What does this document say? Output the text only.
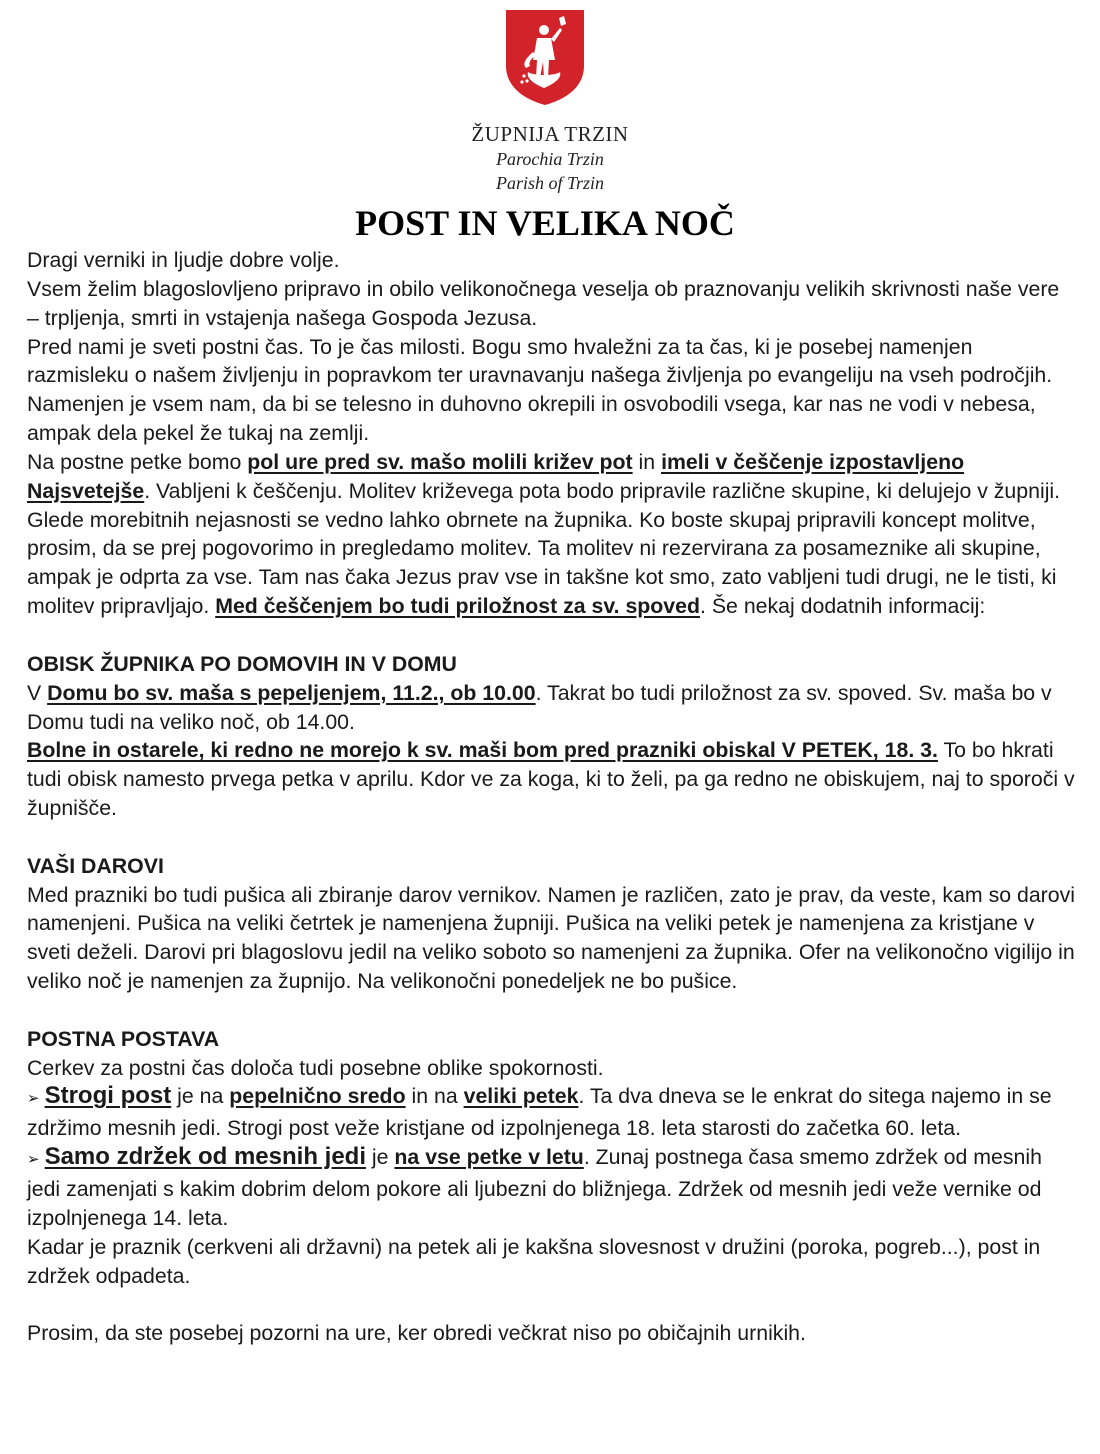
ŽUPNIJA TRZIN
Parochia Trzin
Parish of Trzin
POST IN VELIKA NOČ

Dragi verniki in ljudje dobre volje.

Vsem želim blagoslovljeno pripravo in obilo velikonočnega veselja ob praznovanju velikih skrivnosti naše vere – trpljenja, smrti in vstajenja našega Gospoda Jezusa.

Pred nami je sveti postni čas. To je čas milosti. Bogu smo hvaležni za ta čas, ki je posebej namenjen razmisleku o našem življenju in popravkom ter uravnavanju našega življenja po evangeliju na vseh področjih. Namenjen je vsem nam, da bi se telesno in duhovno okrepili in osvobodili vsega, kar nas ne vodi v nebesa, ampak dela pekel že tukaj na zemlji.

Na postne petke bomo pol ure pred sv. mašo molili križev pot in imeli v češčenje izpostavljeno Najsvetejše. Vabljeni k češčenju. Molitev križevega pota bodo pripravile različne skupine, ki delujejo v župniji. Glede morebitnih nejasnosti se vedno lahko obrnete na župnika. Ko boste skupaj pripravili koncept molitve, prosim, da se prej pogovorimo in pregledamo molitev. Ta molitev ni rezervirana za posameznike ali skupine, ampak je odprta za vse. Tam nas čaka Jezus prav vse in takšne kot smo, zato vabljeni tudi drugi, ne le tisti, ki molitev pripravljajo. Med češčenjem bo tudi priložnost za sv. spoved. Še nekaj dodatnih informacij:

OBISK ŽUPNIKA PO DOMOVIH IN V DOMU

V Domu bo sv. maša s pepeljenjem, 11.2., ob 10.00. Takrat bo tudi priložnost za sv. spoved. Sv. maša bo v Domu tudi na veliko noč, ob 14.00.

Bolne in ostarele, ki redno ne morejo k sv. maši bom pred prazniki obiskal V PETEK, 18. 3. To bo hkrati tudi obisk namesto prvega petka v aprilu. Kdor ve za koga, ki to želi, pa ga redno ne obiskujem, naj to sporoči v župnišče.

VAŠI DAROVI

Med prazniki bo tudi pušica ali zbiranje darov vernikov. Namen je različen, zato je prav, da veste, kam so darovi namenjeni. Pušica na veliki četrtek je namenjena župniji. Pušica na veliki petek je namenjena za kristjane v sveti deželi. Darovi pri blagoslovu jedil na veliko soboto so namenjeni za župnika. Ofer na velikonočno vigilijo in veliko noč je namenjen za župnijo. Na velikonočni ponedeljek ne bo pušice.

POSTNA POSTAVA

Cerkev za postni čas določa tudi posebne oblike spokornosti.

➢ Strogi post je na pepelnično sredo in na veliki petek. Ta dva dneva se le enkrat do sitega najemo in se zdržimo mesnih jedi. Strogi post veže kristjane od izpolnjenega 18. leta starosti do začetka 60. leta.

➢ Samo zdržek od mesnih jedi je na vse petke v letu. Zunaj postnega časa smemo zdržek od mesnih jedi zamenjati s kakim dobrim delom pokore ali ljubezni do bližnjega. Zdržek od mesnih jedi veže vernike od izpolnjenega 14. leta.

Kadar je praznik (cerkveni ali državni) na petek ali je kakšna slovesnost v družini (poroka, pogreb...), post in zdržek odpadeta.

Prosim, da ste posebej pozorni na ure, ker obredi večkrat niso po običajnih urnikih.
